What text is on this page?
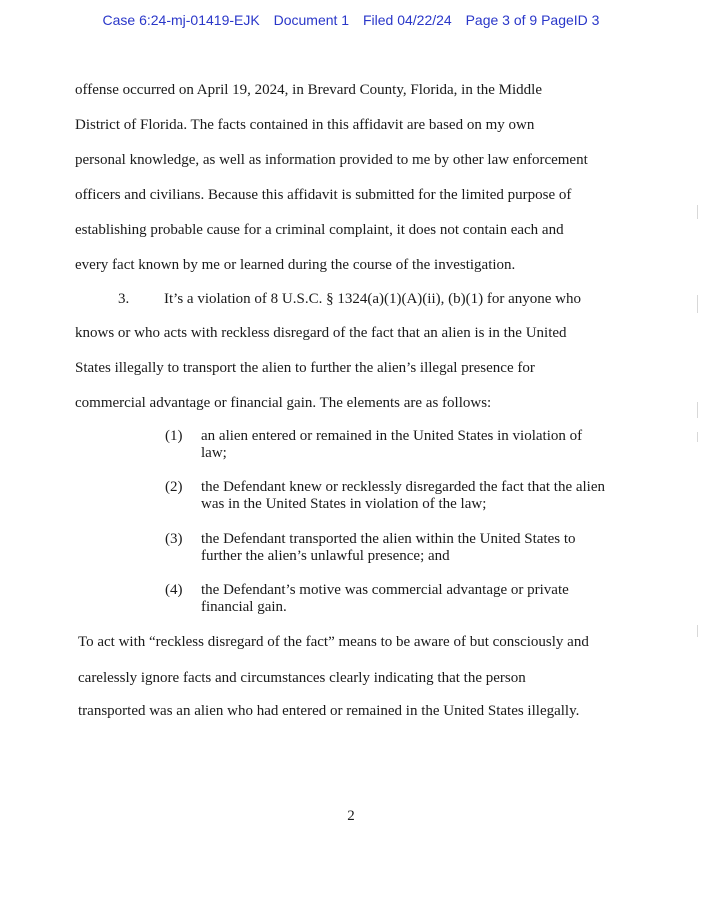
Case 6:24-mj-01419-EJK Document 1 Filed 04/22/24 Page 3 of 9 PageID 3
offense occurred on April 19, 2024, in Brevard County, Florida, in the Middle
District of Florida. The facts contained in this affidavit are based on my own
personal knowledge, as well as information provided to me by other law enforcement
officers and civilians. Because this affidavit is submitted for the limited purpose of
establishing probable cause for a criminal complaint, it does not contain each and
every fact known by me or learned during the course of the investigation.
3. It’s a violation of 8 U.S.C. § 1324(a)(1)(A)(ii), (b)(1) for anyone who
knows or who acts with reckless disregard of the fact that an alien is in the United
States illegally to transport the alien to further the alien’s illegal presence for
commercial advantage or financial gain. The elements are as follows:
(1)	an alien entered or remained in the United States in violation of law;
(2)	the Defendant knew or recklessly disregarded the fact that the alien was in the United States in violation of the law;
(3)	the Defendant transported the alien within the United States to further the alien’s unlawful presence; and
(4)	the Defendant’s motive was commercial advantage or private financial gain.
To act with “reckless disregard of the fact” means to be aware of but consciously and
carelessly ignore facts and circumstances clearly indicating that the person
transported was an alien who had entered or remained in the United States illegally.
2
